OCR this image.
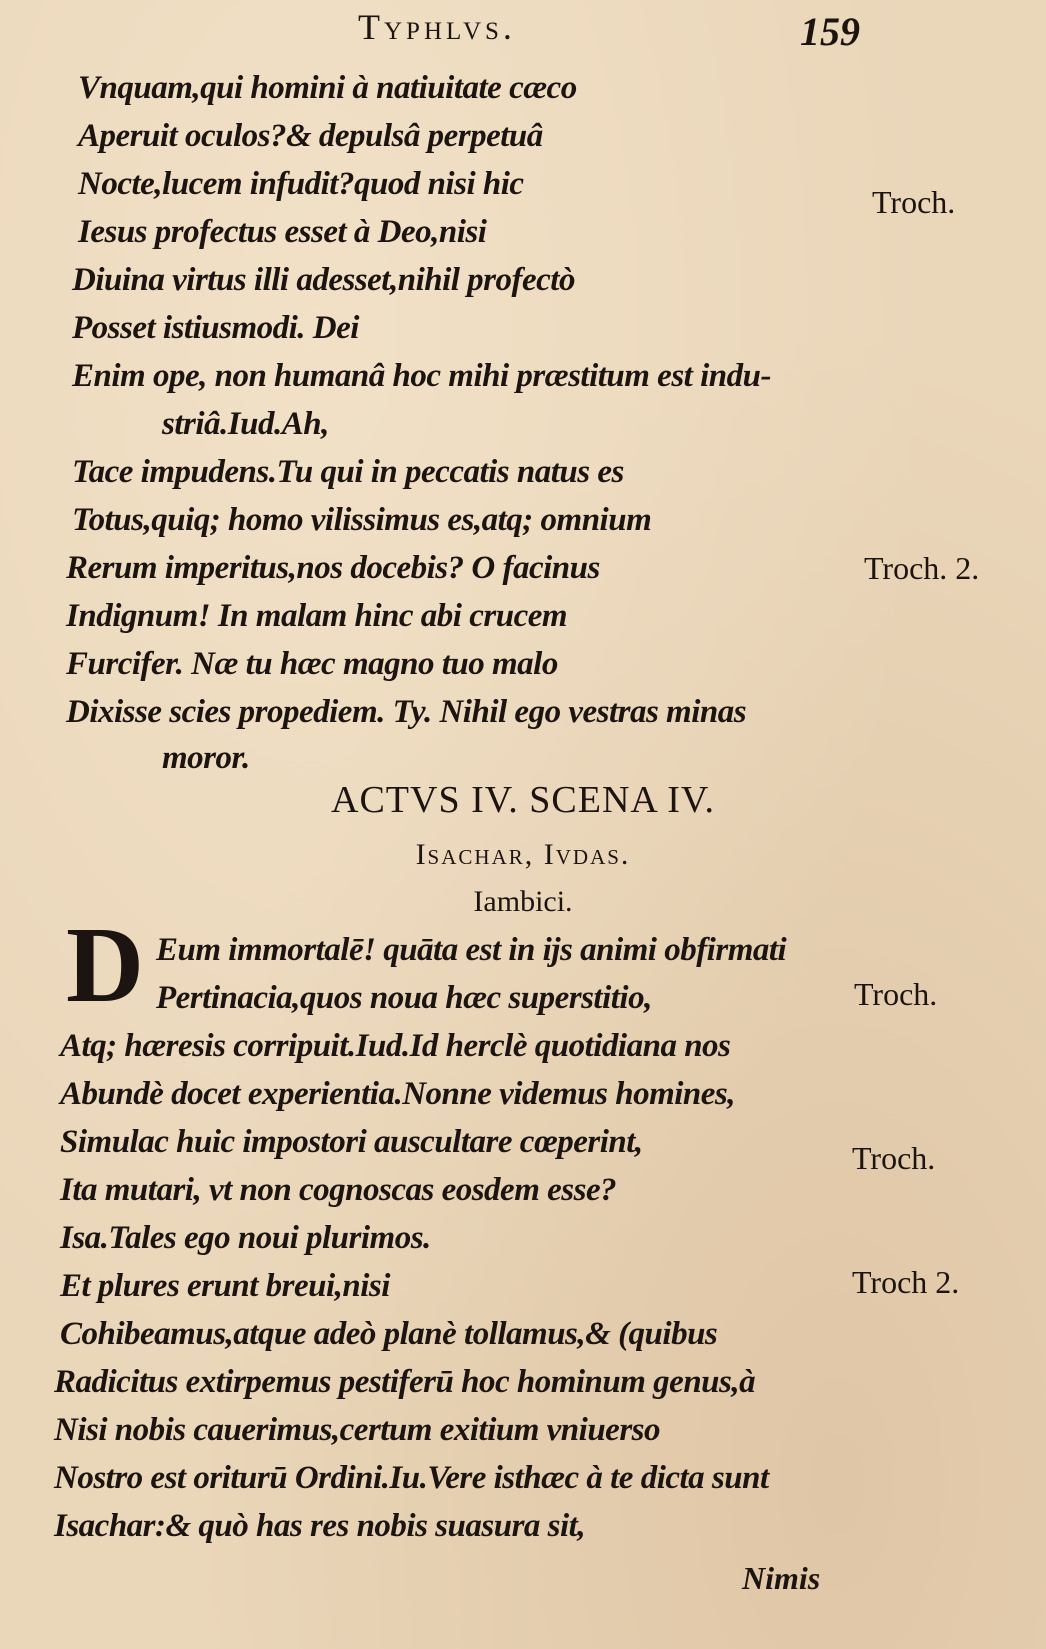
Typhlvs.	159
Vnquam,qui homini à natiuitate cæco
Aperuit oculos?& depulsâ perpetuâ
Nocte,lucem infudit?quod nisi hic
Iesus profectus esset à Deo,nisi
Diuina virtus illi adesset,nihil profectò
Posset istiusmodi. Dei
Enim ope, non humanâ hoc mihi præstitum est indu-
striâ.Iud.Ah,
Tace impudens.Tu qui in peccatis natus es
Totus,quiq; homo vilissimus es,atq; omnium
Rerum imperitus,nos docebis? O facinus
Indignum! In malam hinc abi crucem
Furcifer. Næ tu hæc magno tuo malo
Dixisse scies propediem. Ty. Nihil ego vestras minas
moror.
ACTVS IV. SCENA IV.
Isachar, Ivdas.
Iambici.
D Eum immortalē! quāta est in ijs animi obfirmati
Pertinacia,quos noua hæc superstitio,
Atq; hæresis corripuit.Iud.Id herclè quotidiana nos
Abundè docet experientia.Nonne videmus homines,
Simulac huic impostori auscultare cœperint,
Ita mutari, vt non cognoscas eosdem esse?
Isa.Tales ego noui plurimos.
Et plures erunt breui,nisi
Cohibeamus,atque adeò planè tollamus,& (quibus
Radicitus extirpemus pestiferū hoc hominum genus,à
Nisi nobis cauerimus,certum exitium vniuerso
Nostro est oriturū Ordini.Iu.Vere isthæc à te dicta sunt
Isachar:& quò has res nobis suasura sit,
Troch.
Troch. 2.
Troch.
Troch.
Troch 2.
Nimis
